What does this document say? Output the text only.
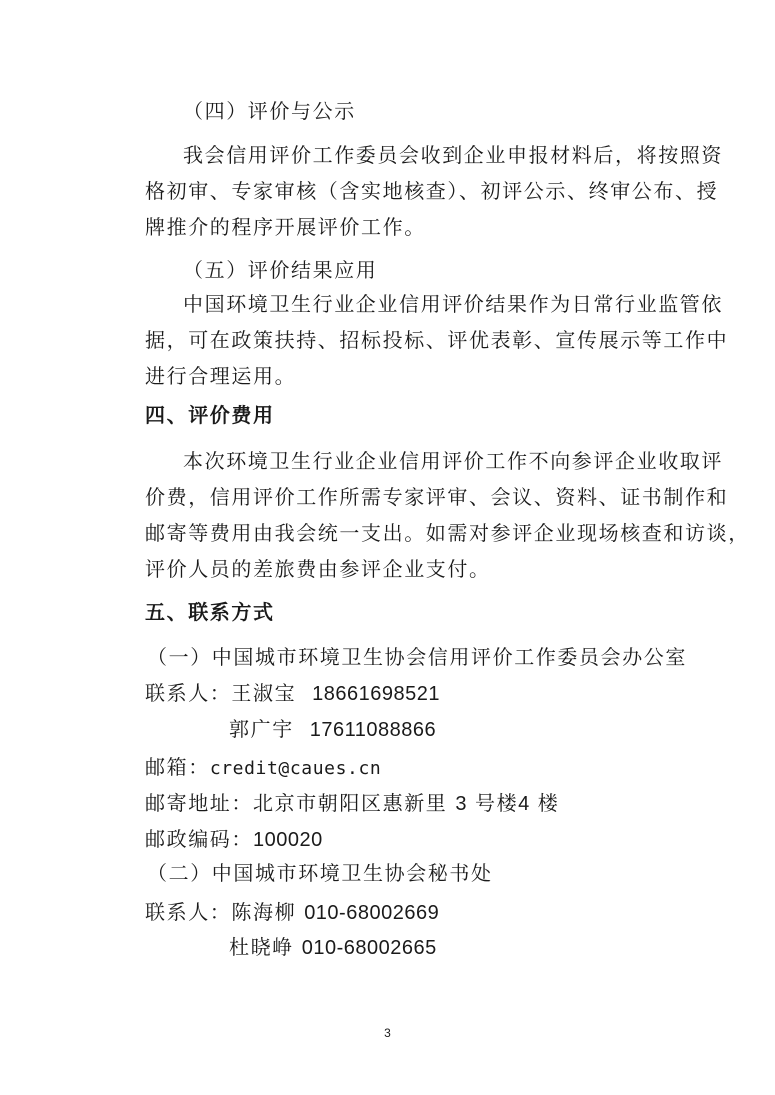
（四）评价与公示
我会信用评价工作委员会收到企业申报材料后，将按照资
格初审、专家审核（含实地核查）、初评公示、终审公布、授
牌推介的程序开展评价工作。
（五）评价结果应用
中国环境卫生行业企业信用评价结果作为日常行业监管依
据，可在政策扶持、招标投标、评优表彰、宣传展示等工作中
进行合理运用。
四、评价费用
本次环境卫生行业企业信用评价工作不向参评企业收取评
价费，信用评价工作所需专家评审、会议、资料、证书制作和
邮寄等费用由我会统一支出。如需对参评企业现场核查和访谈，
评价人员的差旅费由参评企业支付。
五、联系方式
（一）中国城市环境卫生协会信用评价工作委员会办公室
联系人：王淑宝 18661698521
郭广宇 17611088866
邮箱：credit@caues.cn
邮寄地址：北京市朝阳区惠新里 3 号楼4 楼
邮政编码：100020
（二）中国城市环境卫生协会秘书处
联系人：陈海柳 010-68002669
杜晓峥 010-68002665
3
